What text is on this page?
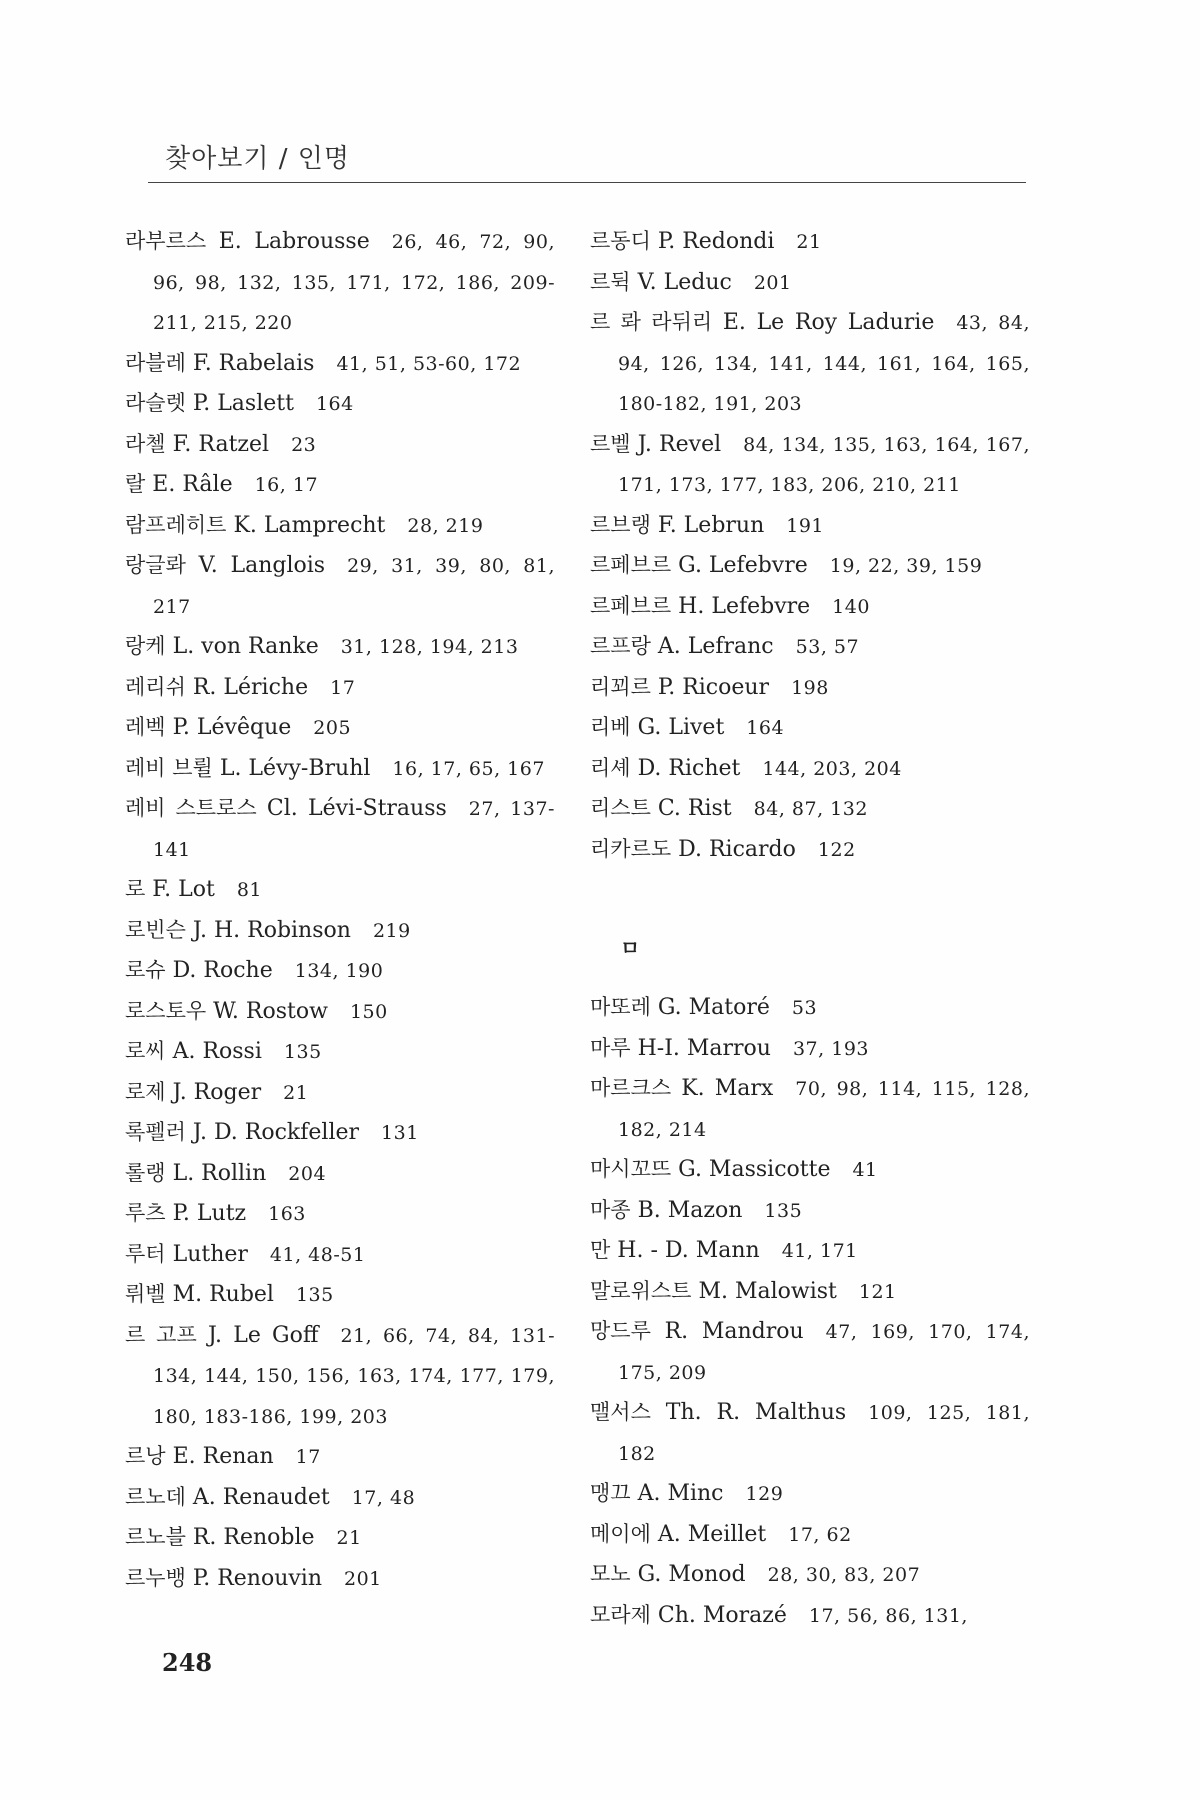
찾아보기 / 인명
라부르스 E. Labrousse  26, 46, 72, 90, 96, 98, 132, 135, 171, 172, 186, 209-211, 215, 220
라블레 F. Rabelais  41, 51, 53-60, 172
라슬렛 P. Laslett  164
라첼 F. Ratzel  23
랄 E. Râle  16, 17
람프레히트 K. Lamprecht  28, 219
랑글롸 V. Langlois  29, 31, 39, 80, 81, 217
랑케 L. von Ranke  31, 128, 194, 213
레리쉬 R. Lériche  17
레벡 P. Lévêque  205
레비 브륄 L. Lévy-Bruhl  16, 17, 65, 167
레비 스트로스 Cl. Lévi-Strauss  27, 137-141
로 F. Lot  81
로빈슨 J. H. Robinson  219
로슈 D. Roche  134, 190
로스토우 W. Rostow  150
로씨 A. Rossi  135
로제 J. Roger  21
록펠러 J. D. Rockfeller  131
롤랭 L. Rollin  204
루츠 P. Lutz  163
루터 Luther  41, 48-51
뤼벨 M. Rubel  135
르 고프 J. Le Goff  21, 66, 74, 84, 131-134, 144, 150, 156, 163, 174, 177, 179, 180, 183-186, 199, 203
르낭 E. Renan  17
르노데 A. Renaudet  17, 48
르노블 R. Renoble  21
르누뱅 P. Renouvin  201
르동디 P. Redondi  21
르뒥 V. Leduc  201
르 롸 라뒤리 E. Le Roy Ladurie  43, 84, 94, 126, 134, 141, 144, 161, 164, 165, 180-182, 191, 203
르벨 J. Revel  84, 134, 135, 163, 164, 167, 171, 173, 177, 183, 206, 210, 211
르브랭 F. Lebrun  191
르페브르 G. Lefebvre  19, 22, 39, 159
르페브르 H. Lefebvre  140
르프랑 A. Lefranc  53, 57
리꾀르 P. Ricoeur  198
리베 G. Livet  164
리셰 D. Richet  144, 203, 204
리스트 C. Rist  84, 87, 132
리카르도 D. Ricardo  122
ㅁ
마또레 G. Matoré  53
마루 H-I. Marrou  37, 193
마르크스 K. Marx  70, 98, 114, 115, 128, 182, 214
마시꼬뜨 G. Massicotte  41
마종 B. Mazon  135
만 H. - D. Mann  41, 171
말로위스트 M. Malowist  121
망드루 R. Mandrou  47, 169, 170, 174, 175, 209
맬서스 Th. R. Malthus  109, 125, 181, 182
맹끄 A. Minc  129
메이에 A. Meillet  17, 62
모노 G. Monod  28, 30, 83, 207
모라제 Ch. Morazé  17, 56, 86, 131,
248
